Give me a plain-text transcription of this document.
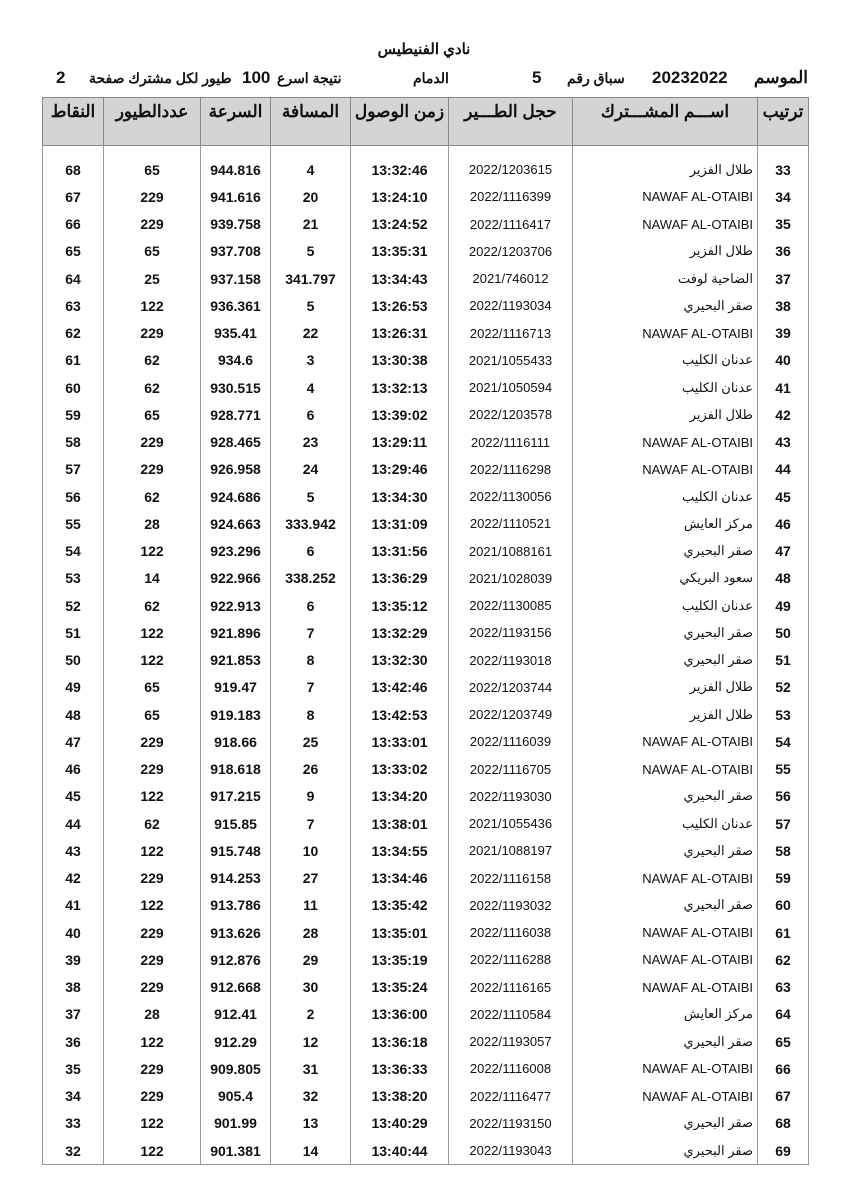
نادي الفنيطيس
الموسم
20232022
سباق رقم
5
الدمام
نتيجة اسرع
100
طيور لكل مشترك صفحة
2
النقاط	عددالطيور	السرعة	المسافة	زمن الوصول	حجل الطـــير	اســـم المشـــترك	ترتيب

68	65	944.816	4	13:32:46	2022/1203615	طلال الفزير	33
67	229	941.616	20	13:24:10	2022/1116399	NAWAF AL-OTAIBI	34
66	229	939.758	21	13:24:52	2022/1116417	NAWAF AL-OTAIBI	35
65	65	937.708	5	13:35:31	2022/1203706	طلال الفزير	36
64	25	937.158	341.797	13:34:43	2021/746012	الضاحية لوفت	37
63	122	936.361	5	13:26:53	2022/1193034	صقر البحيري	38
62	229	935.41	22	13:26:31	2022/1116713	NAWAF AL-OTAIBI	39
61	62	934.6	3	13:30:38	2021/1055433	عدنان الكليب	40
60	62	930.515	4	13:32:13	2021/1050594	عدنان الكليب	41
59	65	928.771	6	13:39:02	2022/1203578	طلال الفزير	42
58	229	928.465	23	13:29:11	2022/1116111	NAWAF AL-OTAIBI	43
57	229	926.958	24	13:29:46	2022/1116298	NAWAF AL-OTAIBI	44
56	62	924.686	5	13:34:30	2022/1130056	عدنان الكليب	45
55	28	924.663	333.942	13:31:09	2022/1110521	مركز العايش	46
54	122	923.296	6	13:31:56	2021/1088161	صقر البحيري	47
53	14	922.966	338.252	13:36:29	2021/1028039	سعود البريكي	48
52	62	922.913	6	13:35:12	2022/1130085	عدنان الكليب	49
51	122	921.896	7	13:32:29	2022/1193156	صقر البحيري	50
50	122	921.853	8	13:32:30	2022/1193018	صقر البحيري	51
49	65	919.47	7	13:42:46	2022/1203744	طلال الفزير	52
48	65	919.183	8	13:42:53	2022/1203749	طلال الفزير	53
47	229	918.66	25	13:33:01	2022/1116039	NAWAF AL-OTAIBI	54
46	229	918.618	26	13:33:02	2022/1116705	NAWAF AL-OTAIBI	55
45	122	917.215	9	13:34:20	2022/1193030	صقر البحيري	56
44	62	915.85	7	13:38:01	2021/1055436	عدنان الكليب	57
43	122	915.748	10	13:34:55	2021/1088197	صقر البحيري	58
42	229	914.253	27	13:34:46	2022/1116158	NAWAF AL-OTAIBI	59
41	122	913.786	11	13:35:42	2022/1193032	صقر البحيري	60
40	229	913.626	28	13:35:01	2022/1116038	NAWAF AL-OTAIBI	61
39	229	912.876	29	13:35:19	2022/1116288	NAWAF AL-OTAIBI	62
38	229	912.668	30	13:35:24	2022/1116165	NAWAF AL-OTAIBI	63
37	28	912.41	2	13:36:00	2022/1110584	مركز العايش	64
36	122	912.29	12	13:36:18	2022/1193057	صقر البحيري	65
35	229	909.805	31	13:36:33	2022/1116008	NAWAF AL-OTAIBI	66
34	229	905.4	32	13:38:20	2022/1116477	NAWAF AL-OTAIBI	67
33	122	901.99	13	13:40:29	2022/1193150	صقر البحيري	68
32	122	901.381	14	13:40:44	2022/1193043	صقر البحيري	69
